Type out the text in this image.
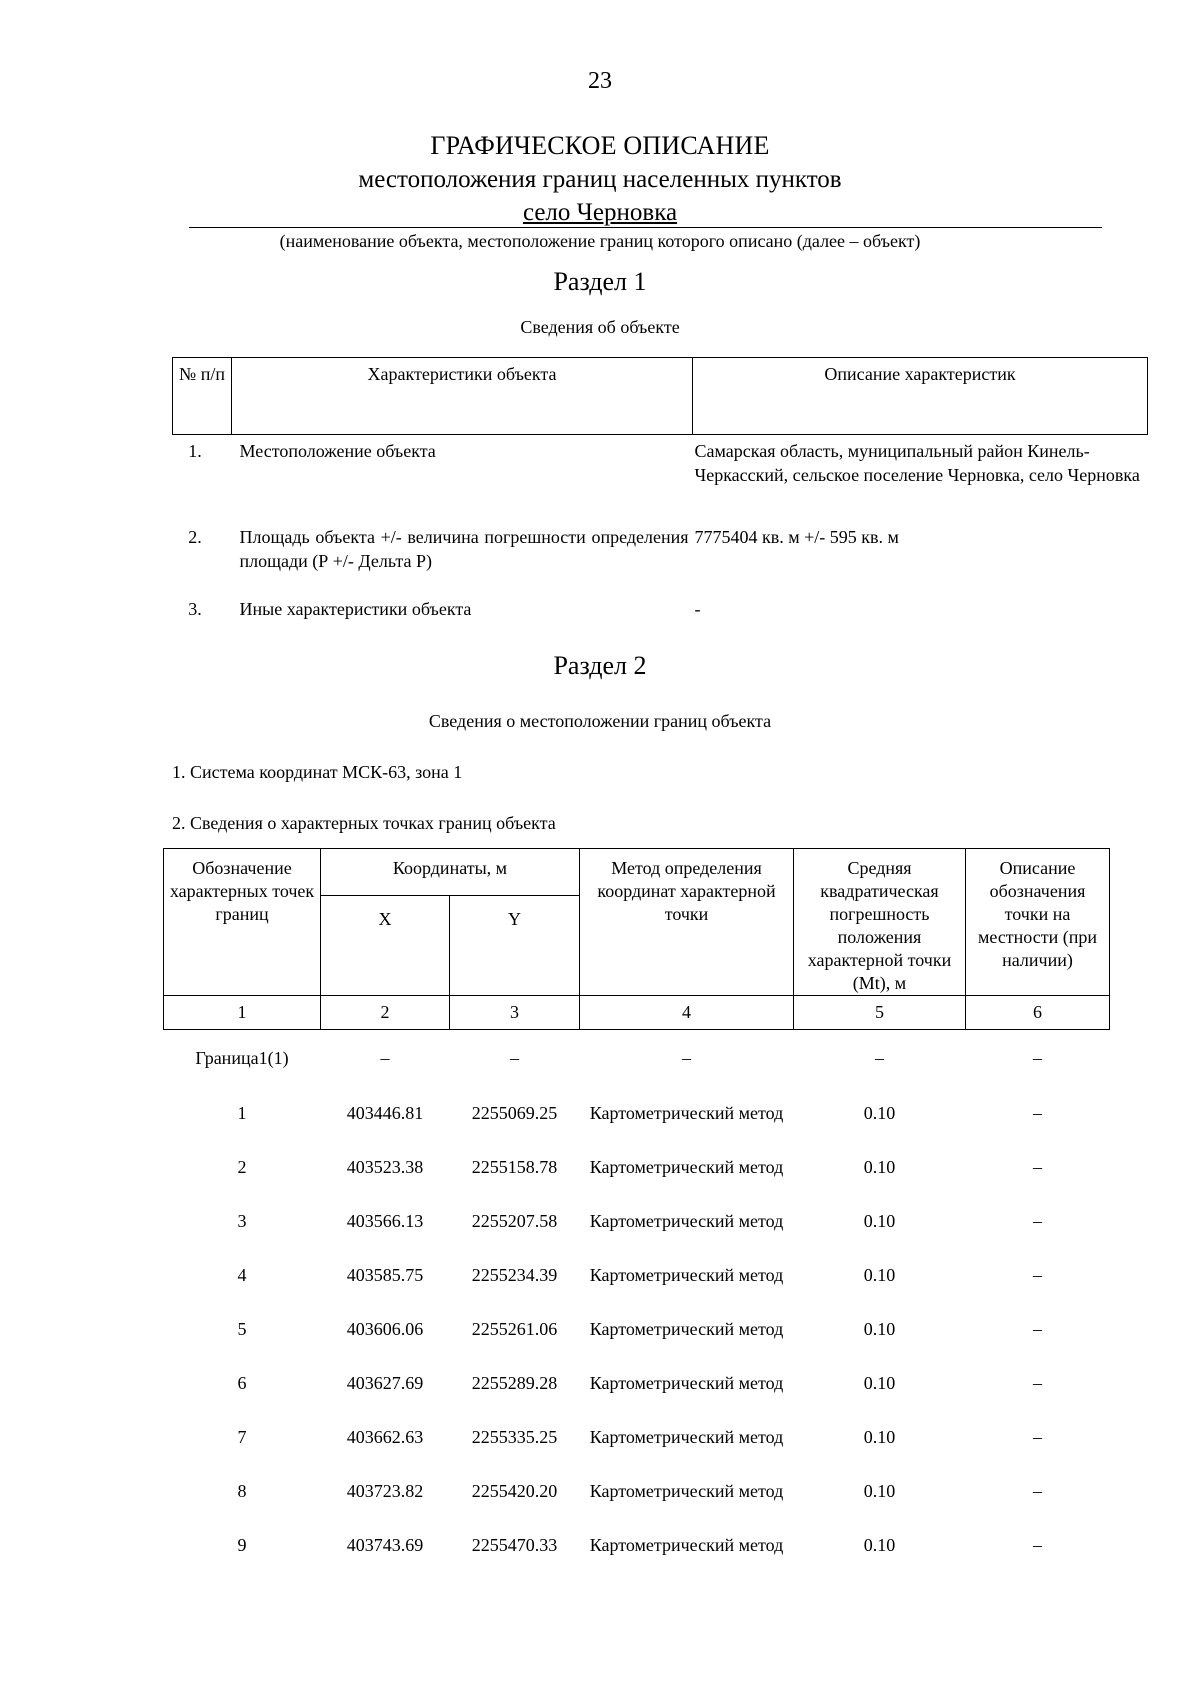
23
ГРАФИЧЕСКОЕ ОПИСАНИЕ
местоположения границ населенных пунктов
село Черновка
(наименование объекта, местоположение границ которого описано (далее – объект)
Раздел 1
Сведения об объекте
№ п/п	Характеристики объекта	Описание характеристик
1.	Местоположение объекта	Самарская область, муниципальный район Кинель-Черкасский, сельское поселение Черновка, село Черновка
2.	Площадь объекта +/- величина погрешности определения площади (Р +/- Дельта Р)	7775404 кв. м +/- 595 кв. м
3.	Иные характеристики объекта	-
Раздел 2
Сведения о местоположении границ объекта
1. Система координат МСК-63, зона 1
2. Сведения о характерных точках границ объекта
Обозначение характерных точек границ	Координаты, м		Метод определения координат характерной точки	Средняя квадратическая погрешность положения характерной точки (Mt), м	Описание обозначения точки на местности (при наличии)
	X	Y			
1	2	3	4	5	6
Граница1(1)	–	–	–	–	–
1	403446.81	2255069.25	Картометрический метод	0.10	–
2	403523.38	2255158.78	Картометрический метод	0.10	–
3	403566.13	2255207.58	Картометрический метод	0.10	–
4	403585.75	2255234.39	Картометрический метод	0.10	–
5	403606.06	2255261.06	Картометрический метод	0.10	–
6	403627.69	2255289.28	Картометрический метод	0.10	–
7	403662.63	2255335.25	Картометрический метод	0.10	–
8	403723.82	2255420.20	Картометрический метод	0.10	–
9	403743.69	2255470.33	Картометрический метод	0.10	–
